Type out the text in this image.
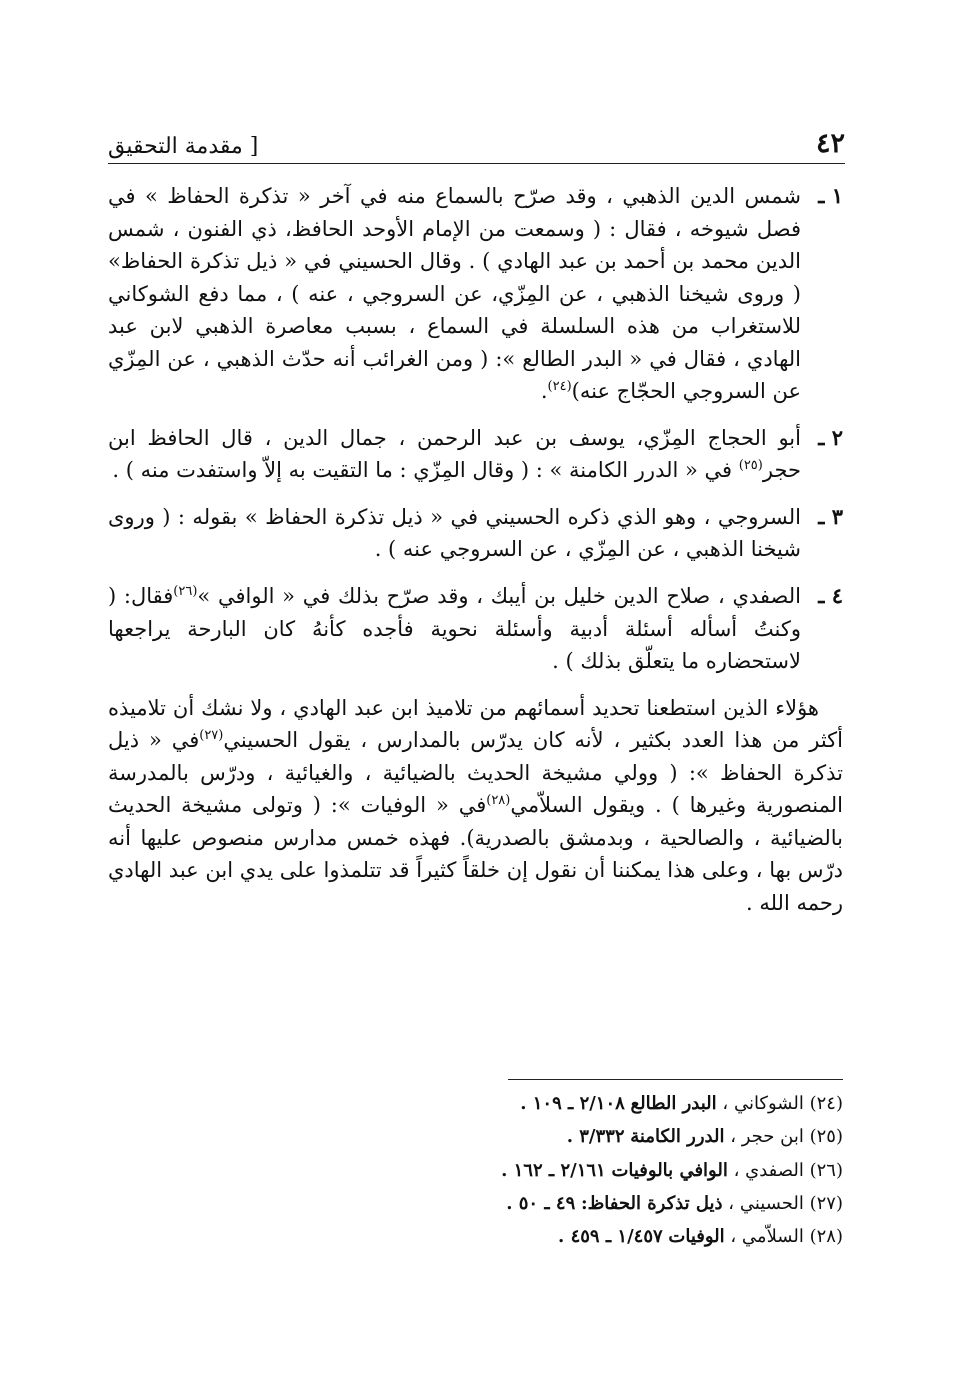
٤٢
[ مقدمة التحقيق
١ ـ
شمس الدين الذهبي ، وقد صرّح بالسماع منه في آخر « تذكرة الحفاظ » في فصل شيوخه ، فقال : ( وسمعت من الإمام الأوحد الحافظ، ذي الفنون ، شمس الدين محمد بن أحمد بن عبد الهادي ) . وقال الحسيني في « ذيل تذكرة الحفاظ» ( وروى شيخنا الذهبي ، عن المِزّي، عن السروجي ، عنه ) ، مما دفع الشوكاني للاستغراب من هذه السلسلة في السماع ، بسبب معاصرة الذهبي لابن عبد الهادي ، فقال في « البدر الطالع »: ( ومن الغرائب أنه حدّث الذهبي ، عن المِزّي عن السروجي الحجّاج عنه)$^{(٢٤)}$.
٢ ـ
أبو الحجاج المِزّي، يوسف بن عبد الرحمن ، جمال الدين ، قال الحافظ ابن حجر$^{(٢٥)}$ في « الدرر الكامنة » : ( وقال المِزّي : ما التقيت به إلاّ واستفدت منه ) .
٣ ـ
السروجي ، وهو الذي ذكره الحسيني في « ذيل تذكرة الحفاظ » بقوله : ( وروى شيخنا الذهبي ، عن المِزّي ، عن السروجي عنه ) .
٤ ـ
الصفدي ، صلاح الدين خليل بن أيبك ، وقد صرّح بذلك في « الوافي »$^{(٢٦)}$فقال: ( وكنتُ أسأله أسئلة أدبية وأسئلة نحوية فأجده كأنهُ كان البارحة يراجعها لاستحضاره ما يتعلّق بذلك ) .

هؤلاء الذين استطعنا تحديد أسمائهم من تلاميذ ابن عبد الهادي ، ولا نشك أن تلاميذه أكثر من هذا العدد بكثير ، لأنه كان يدرّس بالمدارس ، يقول الحسيني$^{(٢٧)}$في « ذيل تذكرة الحفاظ »: ( وولي مشيخة الحديث بالضيائية ، والغيائية ، ودرّس بالمدرسة المنصورية وغيرها ) . ويقول السلاّمي$^{(٢٨)}$في « الوفيات »: ( وتولى مشيخة الحديث بالضيائية ، والصالحية ، وبدمشق بالصدرية). فهذه خمس مدارس منصوص عليها أنه درّس بها ، وعلى هذا يمكننا أن نقول إن خلقاً كثيراً قد تتلمذوا على يدي ابن عبد الهادي رحمه الله .

(٢٤) الشوكاني ، البدر الطالع ٢/١٠٨ ـ ١٠٩ .
(٢٥) ابن حجر ، الدرر الكامنة ٣/٣٣٢ .
(٢٦) الصفدي ، الوافي بالوفيات ٢/١٦١ ـ ١٦٢ .
(٢٧) الحسيني ، ذيل تذكرة الحفاظ: ٤٩ ـ ٥٠ .
(٢٨) السلاّمي ، الوفيات ١/٤٥٧ ـ ٤٥٩ .
